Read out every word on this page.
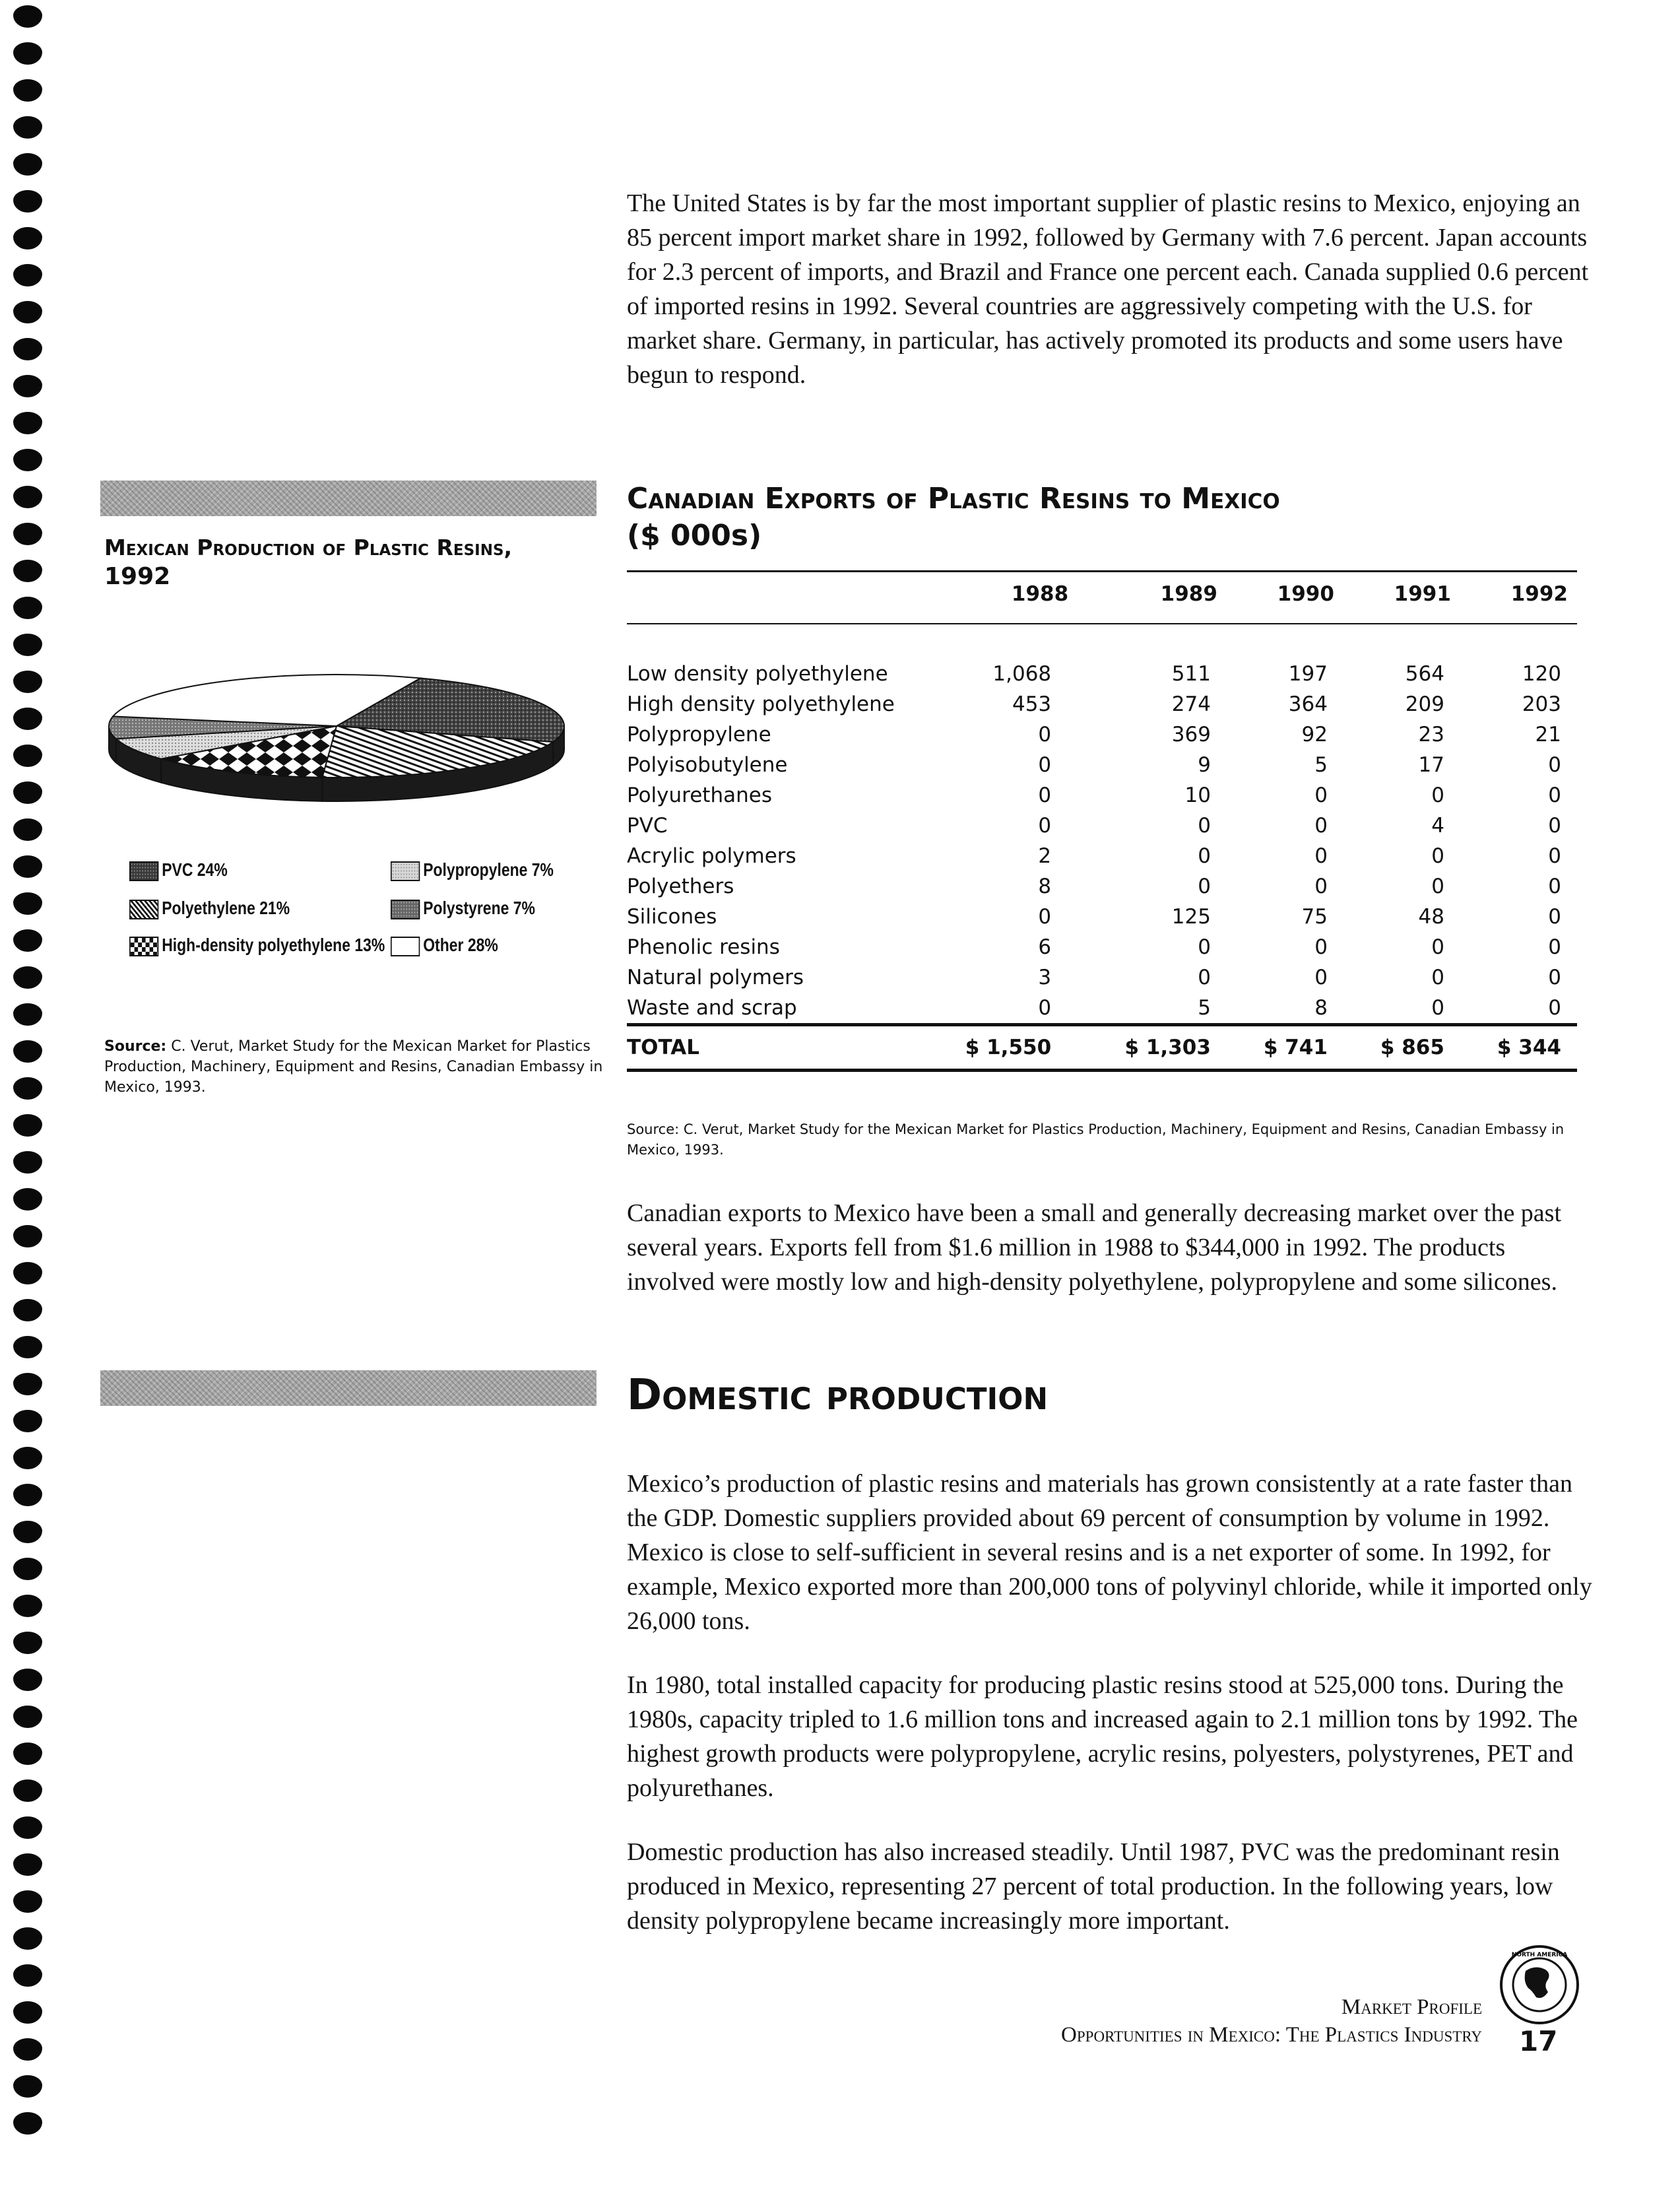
The United States is by far the most important supplier of plastic resins to Mexico, enjoying an 85 percent import market share in 1992, followed by Germany with 7.6 percent. Japan accounts for 2.3 percent of imports, and Brazil and France one percent each. Canada supplied 0.6 percent of imported resins in 1992. Several countries are aggressively competing with the U.S. for market share. Germany, in particular, has actively promoted its products and some users have begun to respond.

Mexican Production of Plastic Resins,
1992
PVC 24%	Polypropylene 7%
Polyethylene 21%	Polystyrene 7%
High-density polyethylene 13%	Other 28%

Source: C. Verut, Market Study for the Mexican Market for Plastics Production, Machinery, Equipment and Resins, Canadian Embassy in Mexico, 1993.

Canadian Exports of Plastic Resins to Mexico
($ 000s)
	1988	1989	1990	1991	1992
Low density polyethylene	1,068	511	197	564	120
High density polyethylene	453	274	364	209	203
Polypropylene	0	369	92	23	21
Polyisobutylene	0	9	5	17	0
Polyurethanes	0	10	0	0	0
PVC	0	0	0	4	0
Acrylic polymers	2	0	0	0	0
Polyethers	8	0	0	0	0
Silicones	0	125	75	48	0
Phenolic resins	6	0	0	0	0
Natural polymers	3	0	0	0	0
Waste and scrap	0	5	8	0	0
TOTAL	$ 1,550	$ 1,303	$ 741	$ 865	$ 344

Source: C. Verut, Market Study for the Mexican Market for Plastics Production, Machinery, Equipment and Resins, Canadian Embassy in Mexico, 1993.

Canadian exports to Mexico have been a small and generally decreasing market over the past several years. Exports fell from $1.6 million in 1988 to $344,000 in 1992. The products involved were mostly low and high-density polyethylene, polypropylene and some silicones.

Domestic production

Mexico’s production of plastic resins and materials has grown consistently at a rate faster than the GDP. Domestic suppliers provided about 69 percent of consumption by volume in 1992. Mexico is close to self-sufficient in several resins and is a net exporter of some. In 1992, for example, Mexico exported more than 200,000 tons of polyvinyl chloride, while it imported only 26,000 tons.

In 1980, total installed capacity for producing plastic resins stood at 525,000 tons. During the 1980s, capacity tripled to 1.6 million tons and increased again to 2.1 million tons by 1992. The highest growth products were polypropylene, acrylic resins, polyesters, polystyrenes, PET and polyurethanes.

Domestic production has also increased steadily. Until 1987, PVC was the predominant resin produced in Mexico, representing 27 percent of total production. In the following years, low density polypropylene became increasingly more important.

Market Profile
Opportunities in Mexico: The Plastics Industry
NORTH AMERICA
17
